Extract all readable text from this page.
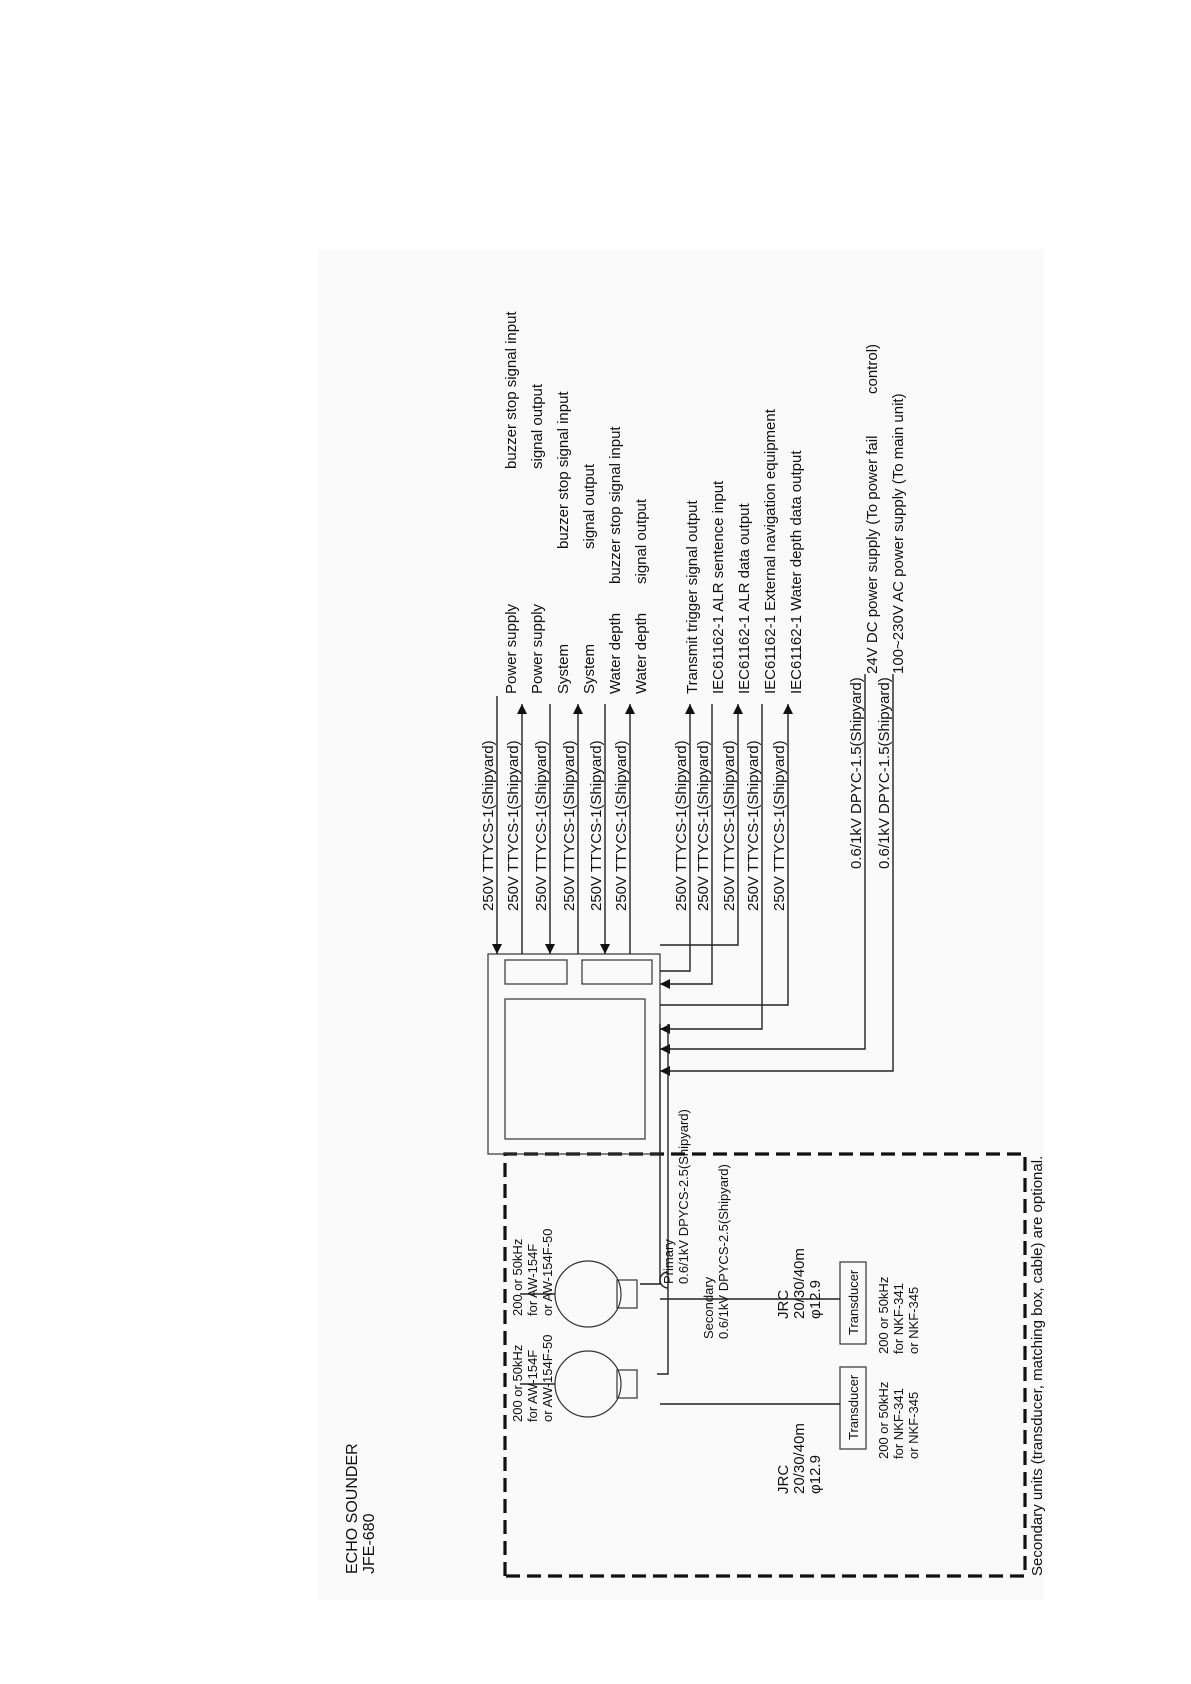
ECHO SOUNDER JFE-680
250V TTYCS-1(Shipyard) 250V TTYCS-1(Shipyard) 250V TTYCS-1(Shipyard) 250V TTYCS-1(Shipyard) 250V TTYCS-1(Shipyard) 250V TTYCS-1(Shipyard)	250V TTYCS-1(Shipyard) 250V TTYCS-1(Shipyard) 250V TTYCS-1(Shipyard) 250V TTYCS-1(Shipyard) 250V TTYCS-1(Shipyard)	0.6/1kV DPYC-1.5(Shipyard) 0.6/1kV DPYC-1.5(Shipyard)
Power supply
buzzer stop signal input
Power supply
signal output
System
buzzer stop signal input
System
signal output
Water depth
buzzer stop signal input
Water depth
signal output Transmit trigger signal output IEC61162-1 ALR sentence input IEC61162-1 ALR data output IEC61162-1 External navigation equipment IEC61162-1 Water depth data output	24V DC power supply (To power fail
control)
100~230V AC power supply (To main unit)
Primary 0.6/1kV DPYCS-2.5(Shipyard)
Secondary 0.6/1kV DPYCS-2.5(Shipyard)
200 or 50kHz for AW-154F or AW-154F-50
200 or 50kHz for AW-154F or AW-154F-50
JRC 20/30/40m φ12.9
JRC 20/30/40m φ12.9
Transducer
Transducer
200 or 50kHz for NKF-341 or NKF-345
200 or 50kHz for NKF-341 or NKF-345	Secondary units (transducer, matching box, cable) are optional.
